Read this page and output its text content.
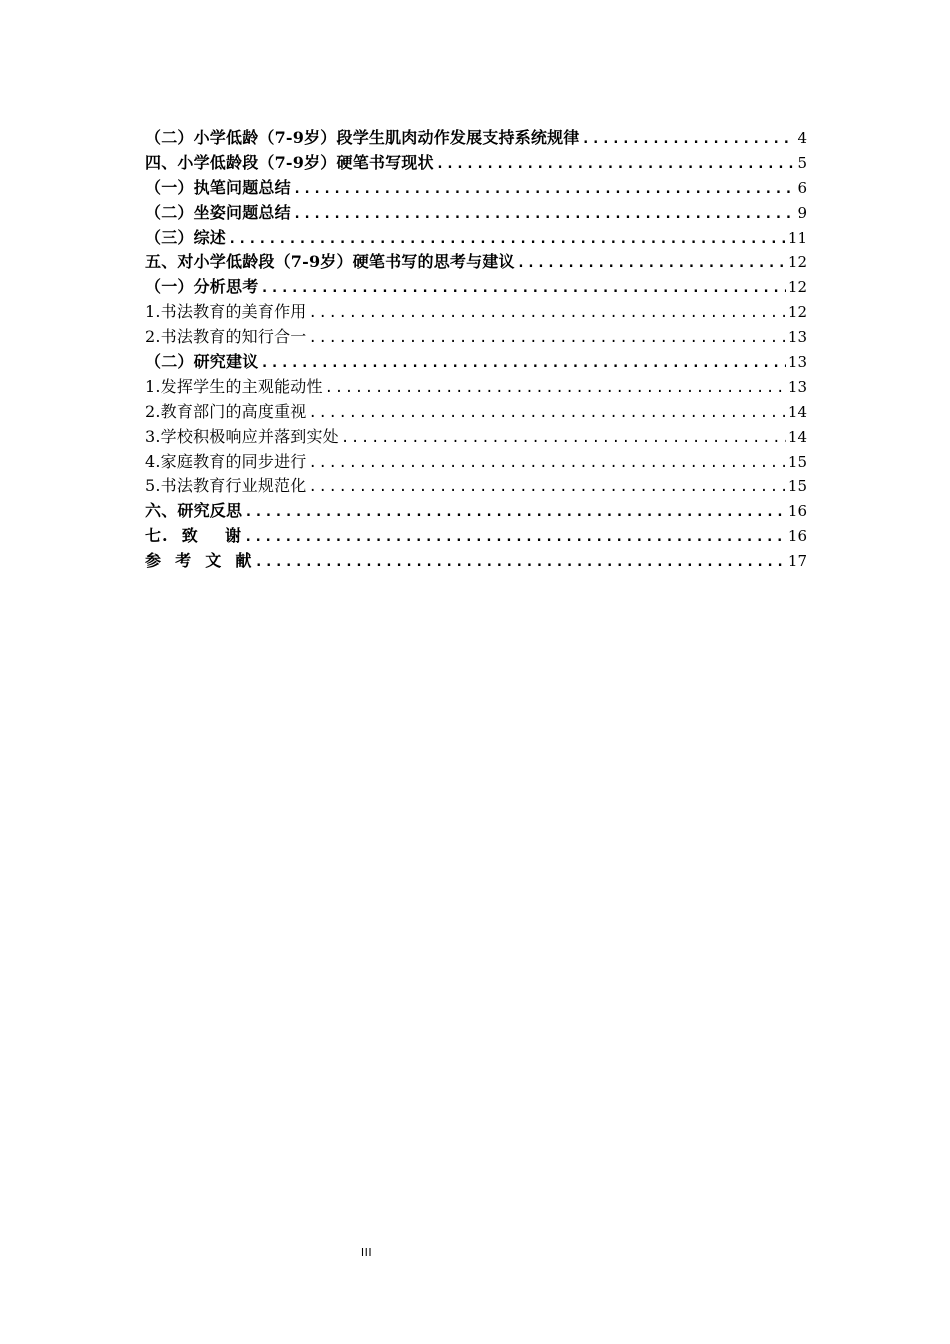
（二）小学低龄（7-9岁）段学生肌肉动作发展支持系统规律 .....	4
四、小学低龄段（7-9岁）硬笔书写现状 .....	5
（一）执笔问题总结 .....	6
（二）坐姿问题总结 .....	9
（三）综述 .....	11
五、对小学低龄段（7-9岁）硬笔书写的思考与建议 .....	12
（一）分析思考 .....	12
1.书法教育的美育作用 .....	12
2.书法教育的知行合一 .....	13
（二）研究建议 .....	13
1.发挥学生的主观能动性 .....	13
2.教育部门的高度重视 .....	14
3.学校积极响应并落到实处 .....	14
4.家庭教育的同步进行 .....	15
5.书法教育行业规范化 .....	15
六、研究反思 .....	16
七.  致    谢 .....	16
参  考  文  献 .....	17
III
